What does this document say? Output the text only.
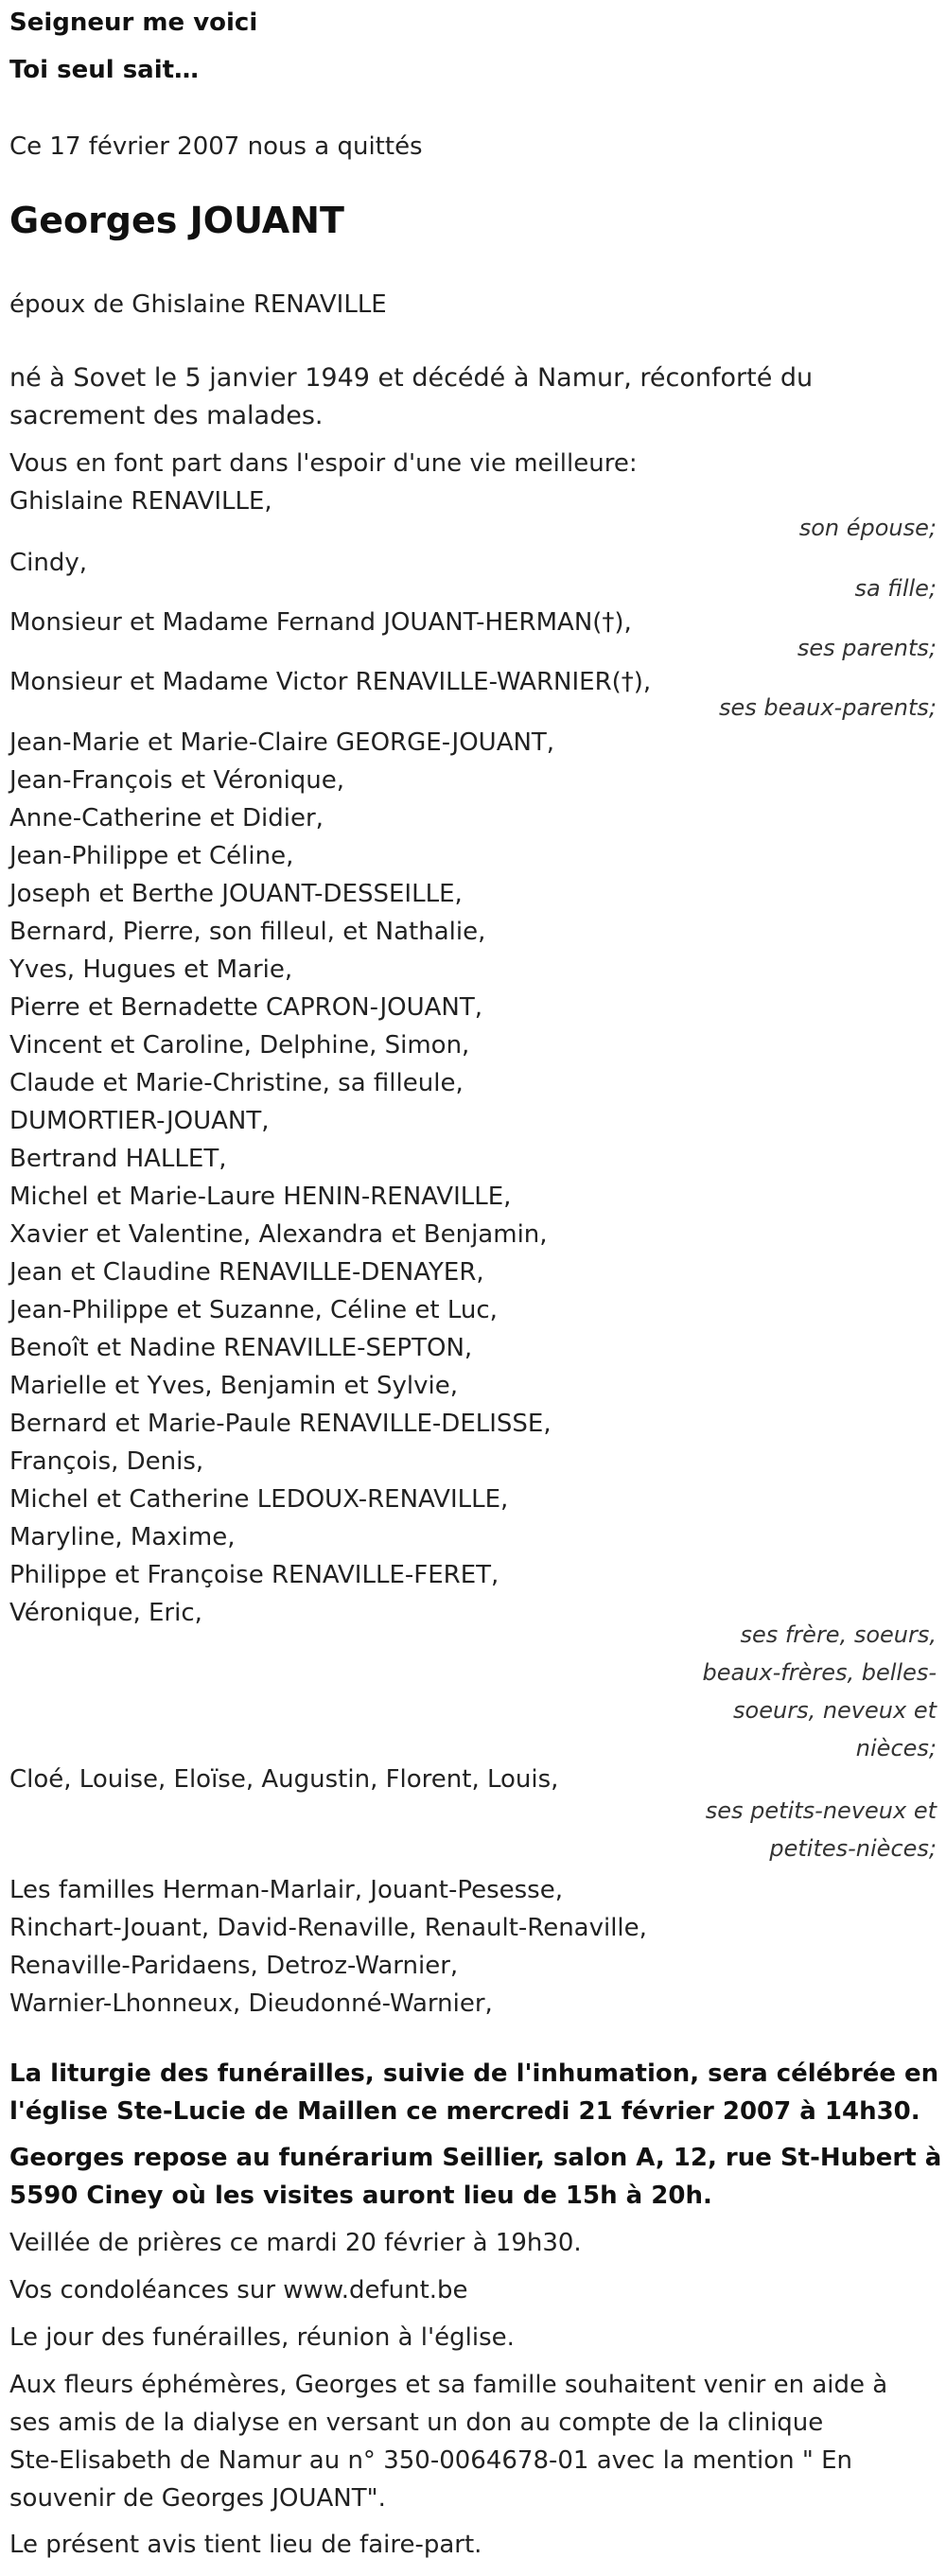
Seigneur me voici
Toi seul sait…
Ce 17 février 2007 nous a quittés
Georges JOUANT
époux de Ghislaine RENAVILLE
né à Sovet le 5 janvier 1949 et décédé à Namur, réconforté du
sacrement des malades.
Vous en font part dans l'espoir d'une vie meilleure:
Ghislaine RENAVILLE,
son épouse;
Cindy,
sa fille;
Monsieur et Madame Fernand JOUANT-HERMAN(†),
ses parents;
Monsieur et Madame Victor RENAVILLE-WARNIER(†),
ses beaux-parents;
Jean-Marie et Marie-Claire GEORGE-JOUANT,
Jean-François et Véronique,
Anne-Catherine et Didier,
Jean-Philippe et Céline,
Joseph et Berthe JOUANT-DESSEILLE,
Bernard, Pierre, son filleul, et Nathalie,
Yves, Hugues et Marie,
Pierre et Bernadette CAPRON-JOUANT,
Vincent et Caroline, Delphine, Simon,
Claude et Marie-Christine, sa filleule,
DUMORTIER-JOUANT,
Bertrand HALLET,
Michel et Marie-Laure HENIN-RENAVILLE,
Xavier et Valentine, Alexandra et Benjamin,
Jean et Claudine RENAVILLE-DENAYER,
Jean-Philippe et Suzanne, Céline et Luc,
Benoît et Nadine RENAVILLE-SEPTON,
Marielle et Yves, Benjamin et Sylvie,
Bernard et Marie-Paule RENAVILLE-DELISSE,
François, Denis,
Michel et Catherine LEDOUX-RENAVILLE,
Maryline, Maxime,
Philippe et Françoise RENAVILLE-FERET,
Véronique, Eric,
ses frère, soeurs,
beaux-frères, belles-
soeurs, neveux et
nièces;
Cloé, Louise, Eloïse, Augustin, Florent, Louis,
ses petits-neveux et
petites-nièces;
Les familles Herman-Marlair, Jouant-Pesesse,
Rinchart-Jouant, David-Renaville, Renault-Renaville,
Renaville-Paridaens, Detroz-Warnier,
Warnier-Lhonneux, Dieudonné-Warnier,
La liturgie des funérailles, suivie de l'inhumation, sera célébrée en
l'église Ste-Lucie de Maillen ce mercredi 21 février 2007 à 14h30.
Georges repose au funérarium Seillier, salon A, 12, rue St-Hubert à
5590 Ciney où les visites auront lieu de 15h à 20h.
Veillée de prières ce mardi 20 février à 19h30.
Vos condoléances sur www.defunt.be
Le jour des funérailles, réunion à l'église.
Aux fleurs éphémères, Georges et sa famille souhaitent venir en aide à
ses amis de la dialyse en versant un don au compte de la clinique
Ste-Elisabeth de Namur au n° 350-0064678-01 avec la mention " En
souvenir de Georges JOUANT".
Le présent avis tient lieu de faire-part.
